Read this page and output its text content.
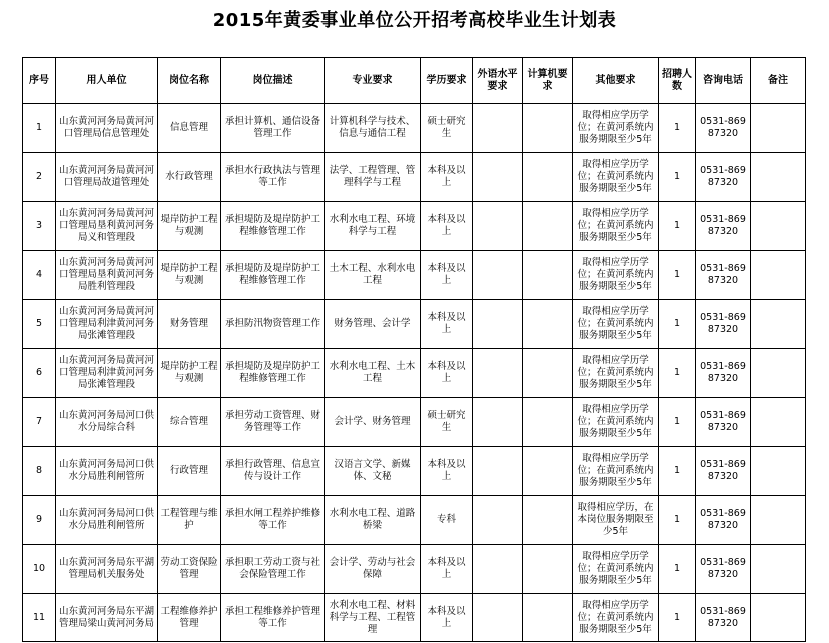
2015年黄委事业单位公开招考高校毕业生计划表
序号	用人单位	岗位名称	岗位描述	专业要求	学历要求	外语水平要求	计算机要求	其他要求	招聘人数	咨询电话	备注
1	山东黄河河务局黄河河口管理局信息管理处	信息管理	承担计算机、通信设备管理工作	计算机科学与技术、信息与通信工程	硕士研究生			取得相应学历学位；在黄河系统内服务期限至少5年	1	0531-86987320	
2	山东黄河河务局黄河河口管理局故道管理处	水行政管理	承担水行政执法与管理等工作	法学、工程管理、管理科学与工程	本科及以上			取得相应学历学位；在黄河系统内服务期限至少5年	1	0531-86987320	
3	山东黄河河务局黄河河口管理局垦利黄河河务局义和管理段	堤岸防护工程与观测	承担堤防及堤岸防护工程维修管理工作	水利水电工程、环境科学与工程	本科及以上			取得相应学历学位；在黄河系统内服务期限至少5年	1	0531-86987320	
4	山东黄河河务局黄河河口管理局垦利黄河河务局胜利管理段	堤岸防护工程与观测	承担堤防及堤岸防护工程维修管理工作	土木工程、水利水电工程	本科及以上			取得相应学历学位；在黄河系统内服务期限至少5年	1	0531-86987320	
5	山东黄河河务局黄河河口管理局利津黄河河务局张滩管理段	财务管理	承担防汛物资管理工作	财务管理、会计学	本科及以上			取得相应学历学位；在黄河系统内服务期限至少5年	1	0531-86987320	
6	山东黄河河务局黄河河口管理局利津黄河河务局张滩管理段	堤岸防护工程与观测	承担堤防及堤岸防护工程维修管理工作	水利水电工程、土木工程	本科及以上			取得相应学历学位；在黄河系统内服务期限至少5年	1	0531-86987320	
7	山东黄河河务局河口供水分局综合科	综合管理	承担劳动工资管理、财务管理等工作	会计学、财务管理	硕士研究生			取得相应学历学位；在黄河系统内服务期限至少5年	1	0531-86987320	
8	山东黄河河务局河口供水分局胜利闸管所	行政管理	承担行政管理、信息宣传与设计工作	汉语言文学、新媒体、文秘	本科及以上			取得相应学历学位；在黄河系统内服务期限至少5年	1	0531-86987320	
9	山东黄河河务局河口供水分局胜利闸管所	工程管理与维护	承担水闸工程养护维修等工作	水利水电工程、道路桥梁	专科			取得相应学历，在本岗位服务期限至少5年	1	0531-86987320	
10	山东黄河河务局东平湖管理局机关服务处	劳动工资保险管理	承担职工劳动工资与社会保险管理工作	会计学、劳动与社会保障	本科及以上			取得相应学历学位；在黄河系统内服务期限至少5年	1	0531-86987320	
11	山东黄河河务局东平湖管理局梁山黄河河务局	工程维修养护管理	承担工程维修养护管理等工作	水利水电工程、材料科学与工程、工程管理	本科及以上			取得相应学历学位；在黄河系统内服务期限至少5年	1	0531-86987320	
